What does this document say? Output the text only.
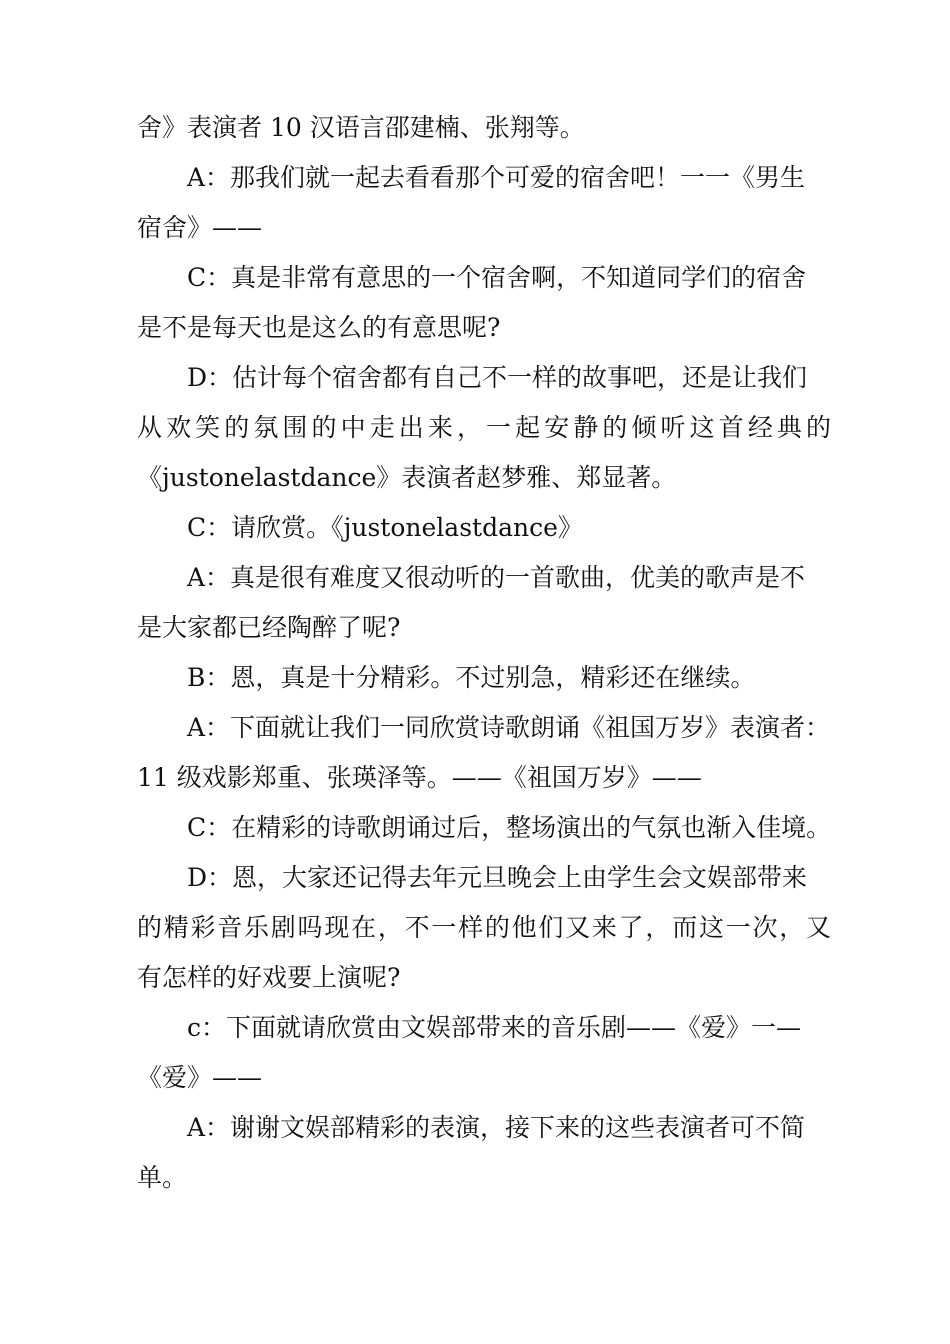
舍》表演者 10 汉语言邵建楠、张翔等。
A：那我们就一起去看看那个可爱的宿舍吧！一一《男生
宿舍》——
C：真是非常有意思的一个宿舍啊，不知道同学们的宿舍
是不是每天也是这么的有意思呢?
D：估计每个宿舍都有自己不一样的故事吧，还是让我们
从欢笑的氛围的中走出来，一起安静的倾听这首经典的
《justonelastdance》表演者赵梦雅、郑显著。
C：请欣赏。《justonelastdance》
A：真是很有难度又很动听的一首歌曲，优美的歌声是不
是大家都已经陶醉了呢?
B：恩，真是十分精彩。不过别急，精彩还在继续。
A：下面就让我们一同欣赏诗歌朗诵《祖国万岁》表演者：
11 级戏影郑重、张瑛泽等。——《祖国万岁》——
C：在精彩的诗歌朗诵过后，整场演出的气氛也渐入佳境。
D：恩，大家还记得去年元旦晚会上由学生会文娱部带来
的精彩音乐剧吗现在，不一样的他们又来了，而这一次，又
有怎样的好戏要上演呢?
c：下面就请欣赏由文娱部带来的音乐剧——《爱》一—
《爱》——
A：谢谢文娱部精彩的表演，接下来的这些表演者可不简
单。
